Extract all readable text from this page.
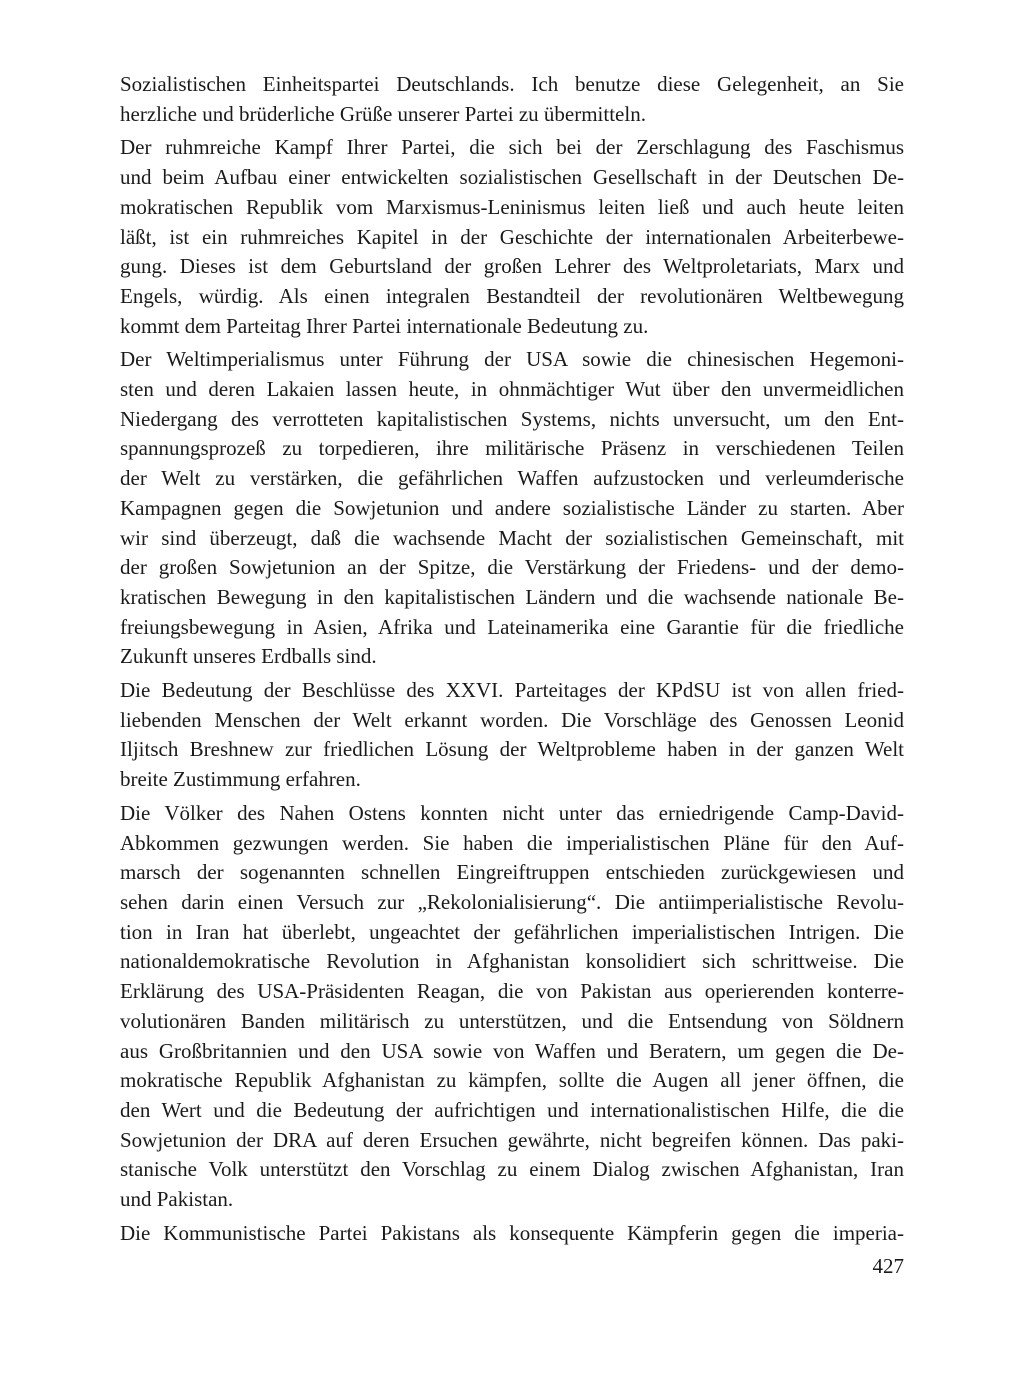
Sozialistischen Einheitspartei Deutschlands. Ich benutze diese Gelegenheit, an Sie
herzliche und brüderliche Grüße unserer Partei zu übermitteln.
Der ruhmreiche Kampf Ihrer Partei, die sich bei der Zerschlagung des Faschismus
und beim Aufbau einer entwickelten sozialistischen Gesellschaft in der Deutschen De-
mokratischen Republik vom Marxismus-Leninismus leiten ließ und auch heute leiten
läßt, ist ein ruhmreiches Kapitel in der Geschichte der internationalen Arbeiterbewe-
gung. Dieses ist dem Geburtsland der großen Lehrer des Weltproletariats, Marx und
Engels, würdig. Als einen integralen Bestandteil der revolutionären Weltbewegung
kommt dem Parteitag Ihrer Partei internationale Bedeutung zu.
Der Weltimperialismus unter Führung der USA sowie die chinesischen Hegemoni-
sten und deren Lakaien lassen heute, in ohnmächtiger Wut über den unvermeidlichen
Niedergang des verrotteten kapitalistischen Systems, nichts unversucht, um den Ent-
spannungsprozeß zu torpedieren, ihre militärische Präsenz in verschiedenen Teilen
der Welt zu verstärken, die gefährlichen Waffen aufzustocken und verleumderische
Kampagnen gegen die Sowjetunion und andere sozialistische Länder zu starten. Aber
wir sind überzeugt, daß die wachsende Macht der sozialistischen Gemeinschaft, mit
der großen Sowjetunion an der Spitze, die Verstärkung der Friedens- und der demo-
kratischen Bewegung in den kapitalistischen Ländern und die wachsende nationale Be-
freiungsbewegung in Asien, Afrika und Lateinamerika eine Garantie für die friedliche
Zukunft unseres Erdballs sind.
Die Bedeutung der Beschlüsse des XXVI. Parteitages der KPdSU ist von allen fried-
liebenden Menschen der Welt erkannt worden. Die Vorschläge des Genossen Leonid
Iljitsch Breshnew zur friedlichen Lösung der Weltprobleme haben in der ganzen Welt
breite Zustimmung erfahren.
Die Völker des Nahen Ostens konnten nicht unter das erniedrigende Camp-David-
Abkommen gezwungen werden. Sie haben die imperialistischen Pläne für den Auf-
marsch der sogenannten schnellen Eingreiftruppen entschieden zurückgewiesen und
sehen darin einen Versuch zur „Rekolonialisierung“. Die antiimperialistische Revolu-
tion in Iran hat überlebt, ungeachtet der gefährlichen imperialistischen Intrigen. Die
nationaldemokratische Revolution in Afghanistan konsolidiert sich schrittweise. Die
Erklärung des USA-Präsidenten Reagan, die von Pakistan aus operierenden konterre-
volutionären Banden militärisch zu unterstützen, und die Entsendung von Söldnern
aus Großbritannien und den USA sowie von Waffen und Beratern, um gegen die De-
mokratische Republik Afghanistan zu kämpfen, sollte die Augen all jener öffnen, die
den Wert und die Bedeutung der aufrichtigen und internationalistischen Hilfe, die die
Sowjetunion der DRA auf deren Ersuchen gewährte, nicht begreifen können. Das paki-
stanische Volk unterstützt den Vorschlag zu einem Dialog zwischen Afghanistan, Iran
und Pakistan.
Die Kommunistische Partei Pakistans als konsequente Kämpferin gegen die imperia-
427
